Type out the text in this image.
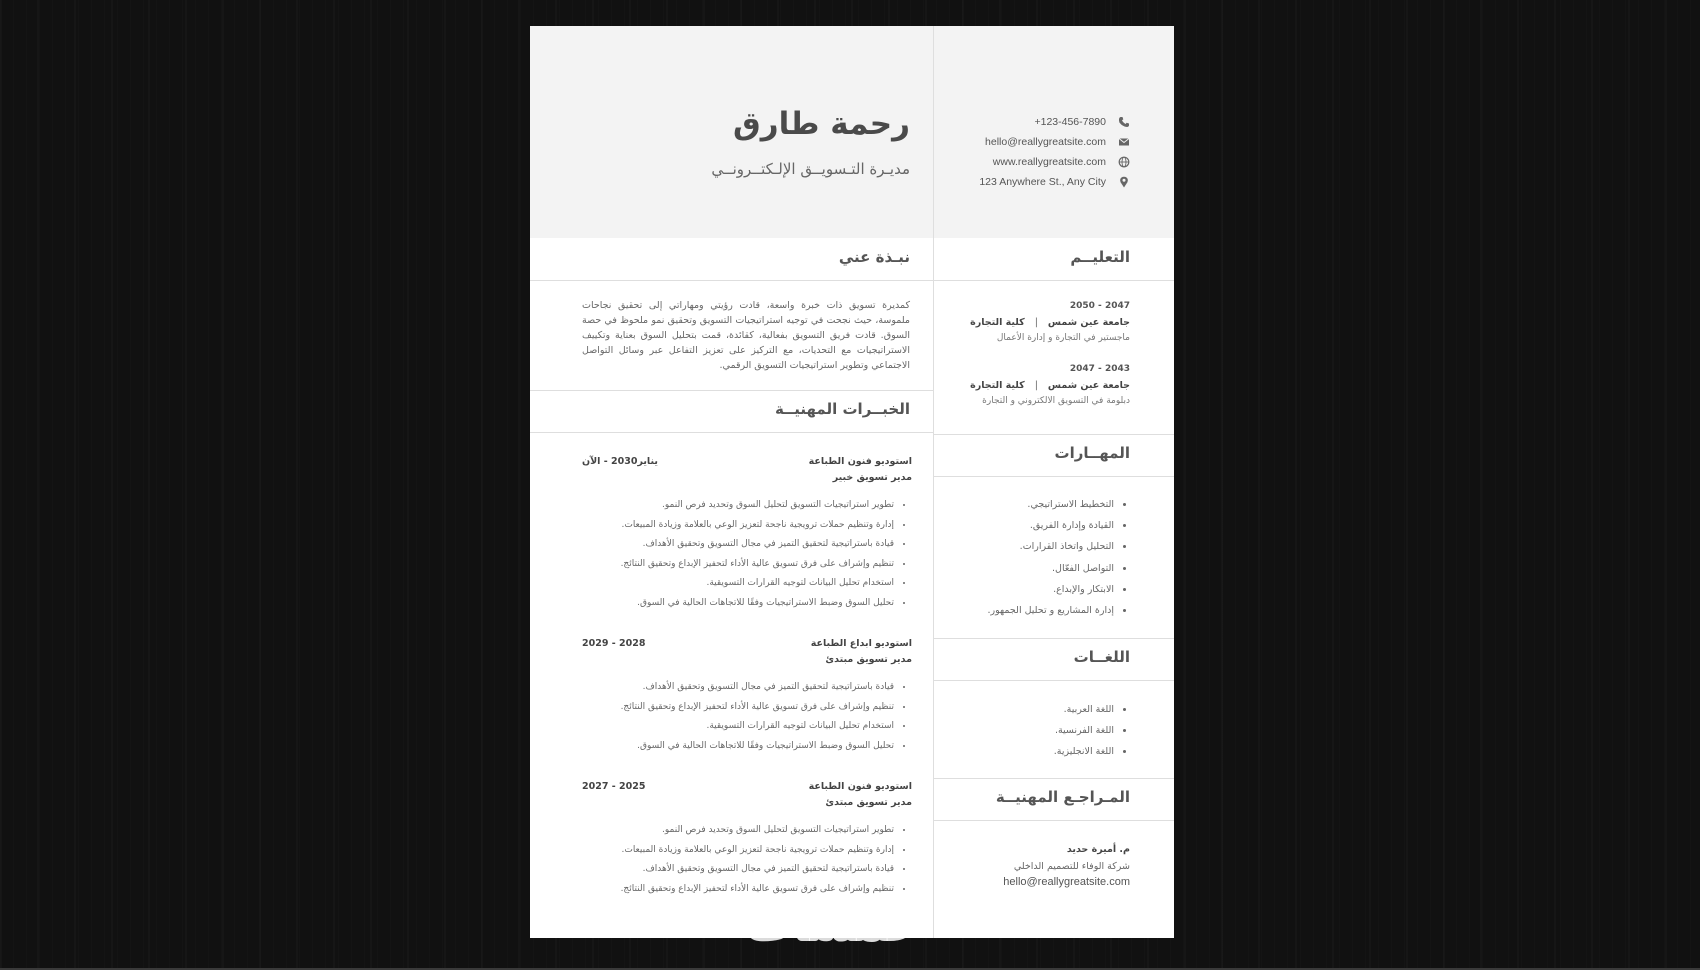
رحمة طارق
مديـرة التـسويــق الإلـكتــرونــي
+123-456-7890
hello@reallygreatsite.com
www.reallygreatsite.com
123 Anywhere St., Any City
نبـذة عني
كمديرة تسويق ذات خبرة واسعة، قادت رؤيتي ومهاراتي إلى تحقيق نجاحات ملموسة، حيث نجحت في توجيه استراتيجيات التسويق وتحقيق نمو ملحوظ في حصة السوق. قادت فريق التسويق بفعالية، كقائدة، قمت بتحليل السوق بعناية وتكييف الاستراتيجيات مع التحديات، مع التركيز على تعزيز التفاعل عبر وسائل التواصل الاجتماعي وتطوير استراتيجيات التسويق الرقمي.
الخبــرات المهنيــة
استوديو فنون الطباعة
يناير2030 - الآن
مدير تسويق خبير
• تطوير استراتيجيات التسويق لتحليل السوق وتحديد فرص النمو.
• إدارة وتنظيم حملات ترويجية ناجحة لتعزيز الوعي بالعلامة وزيادة المبيعات.
• قيادة باستراتيجية لتحقيق التميز في مجال التسويق وتحقيق الأهداف.
• تنظيم وإشراف على فرق تسويق عالية الأداء لتحفيز الإبداع وتحقيق النتائج.
• استخدام تحليل البيانات لتوجيه القرارات التسويقية.
• تحليل السوق وضبط الاستراتيجيات وفقًا للاتجاهات الحالية في السوق.
استوديو ابداع الطباعة
2028 - 2029
مدير تسويق مبتدئ
• قيادة باستراتيجية لتحقيق التميز في مجال التسويق وتحقيق الأهداف.
• تنظيم وإشراف على فرق تسويق عالية الأداء لتحفيز الإبداع وتحقيق النتائج.
• استخدام تحليل البيانات لتوجيه القرارات التسويقية.
• تحليل السوق وضبط الاستراتيجيات وفقًا للاتجاهات الحالية في السوق.
استوديو فنون الطباعة
2025 - 2027
مدير تسويق مبتدئ
• تطوير استراتيجيات التسويق لتحليل السوق وتحديد فرص النمو.
• إدارة وتنظيم حملات ترويجية ناجحة لتعزيز الوعي بالعلامة وزيادة المبيعات.
• قيادة باستراتيجية لتحقيق التميز في مجال التسويق وتحقيق الأهداف.
• تنظيم وإشراف على فرق تسويق عالية الأداء لتحفيز الإبداع وتحقيق النتائج.
التعليــم
2047 - 2050
جامعة عين شمس|كلية التجارة
ماجستير في التجارة و إدارة الأعمال
2043 - 2047
جامعة عين شمس|كلية التجارة
دبلومة في التسويق الالكتروني و التجارة
المهــارات
• التخطيط الاستراتيجي.
• القيادة وإدارة الفريق.
• التحليل واتخاذ القرارات.
• التواصل الفعّال.
• الابتكار والإبداع.
• إدارة المشاريع و تحليل الجمهور.
اللغــات
• اللغة العربية.
• اللغة الفرنسية.
• اللغة الانجليزية.
المـراجـع المهنيــة
م. أميرة حديد
شركة الوفاء للتصميم الداخلي
hello@reallygreatsite.com
خمسات
